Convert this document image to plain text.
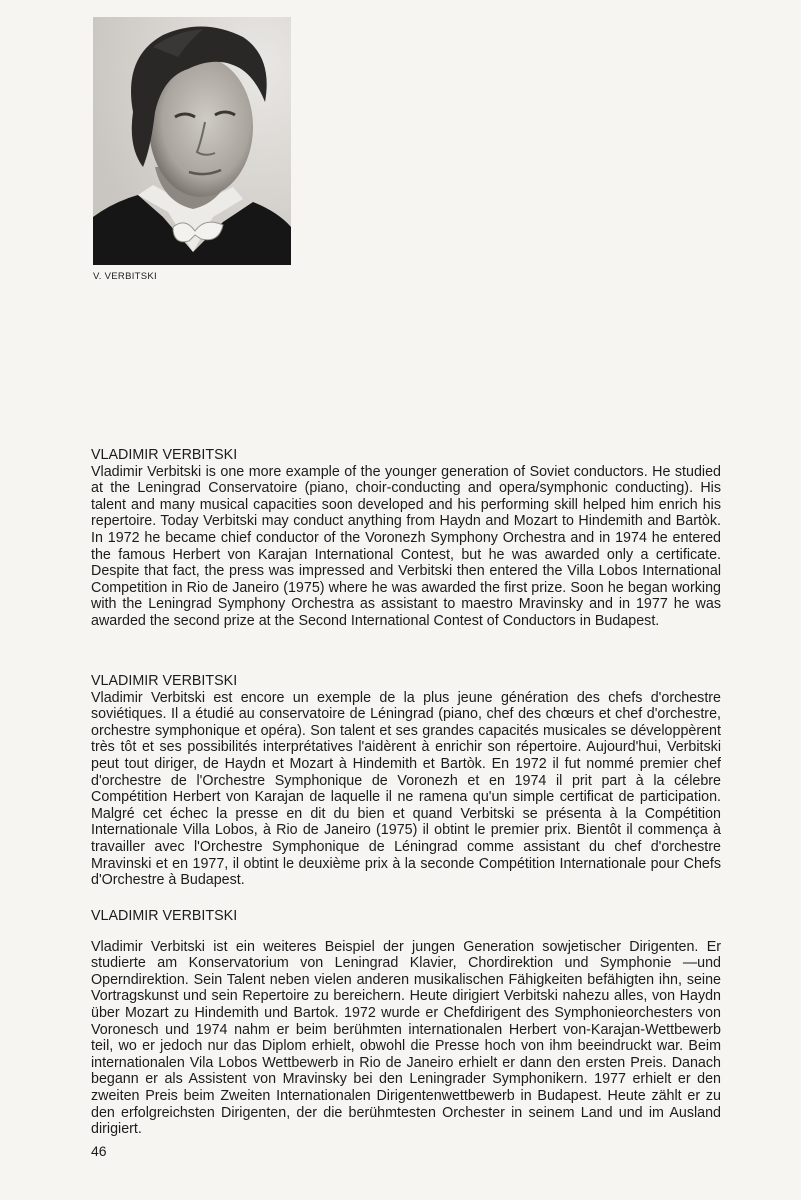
V. VERBITSKI
VLADIMIR VERBITSKI

Vladimir Verbitski is one more example of the younger generation of Soviet conductors. He studied at the Leningrad Conservatoire (piano, choir-conducting and opera/symphonic conducting). His talent and many musical capacities soon developed and his performing skill helped him enrich his repertoire. Today Verbitski may conduct anything from Haydn and Mozart to Hindemith and Bartòk. In 1972 he became chief conductor of the Voronezh Symphony Orchestra and in 1974 he entered the famous Herbert von Karajan International Contest, but he was awarded only a certificate. Despite that fact, the press was impressed and Verbitski then entered the Villa Lobos International Competition in Rio de Janeiro (1975) where he was awarded the first prize. Soon he began working with the Leningrad Symphony Orchestra as assistant to maestro Mravinsky and in 1977 he was awarded the second prize at the Second International Contest of Conductors in Budapest.

VLADIMIR VERBITSKI

Vladimir Verbitski est encore un exemple de la plus jeune génération des chefs d'orchestre soviétiques. Il a étudié au conservatoire de Léningrad (piano, chef des chœurs et chef d'orchestre, orchestre symphonique et opéra). Son talent et ses grandes capacités musicales se développèrent très tôt et ses possibilités interprétatives l'aidèrent à enrichir son répertoire. Aujourd'hui, Verbitski peut tout diriger, de Haydn et Mozart à Hindemith et Bartòk. En 1972 il fut nommé premier chef d'orchestre de l'Orchestre Symphonique de Voronezh et en 1974 il prit part à la célebre Compétition Herbert von Karajan de laquelle il ne ramena qu'un simple certificat de participation. Malgré cet échec la presse en dit du bien et quand Verbitski se présenta à la Compétition Internationale Villa Lobos, à Rio de Janeiro (1975) il obtint le premier prix. Bientôt il commença à travailler avec l'Orchestre Symphonique de Léningrad comme assistant du chef d'orchestre Mravinski et en 1977, il obtint le deuxième prix à la seconde Compétition Internationale pour Chefs d'Orchestre à Budapest.

VLADIMIR VERBITSKI

Vladimir Verbitski ist ein weiteres Beispiel der jungen Generation sowjetischer Dirigenten. Er studierte am Konservatorium von Leningrad Klavier, Chordirektion und Symphonie —und Operndirektion. Sein Talent neben vielen anderen musikalischen Fähigkeiten befähigten ihn, seine Vortragskunst und sein Repertoire zu bereichern. Heute dirigiert Verbitski nahezu alles, von Haydn über Mozart zu Hindemith und Bartok. 1972 wurde er Chefdirigent des Symphonieorchesters von Voronesch und 1974 nahm er beim berühmten internationalen Herbert von-Karajan-Wettbewerb teil, wo er jedoch nur das Diplom erhielt, obwohl die Presse hoch von ihm beeindruckt war. Beim internationalen Vila Lobos Wettbewerb in Rio de Janeiro erhielt er dann den ersten Preis. Danach begann er als Assistent von Mravinsky bei den Leningrader Symphonikern. 1977 erhielt er den zweiten Preis beim Zweiten Internationalen Dirigentenwettbewerb in Budapest. Heute zählt er zu den erfolgreichsten Dirigenten, der die berühmtesten Orchester in seinem Land und im Ausland dirigiert.

46
